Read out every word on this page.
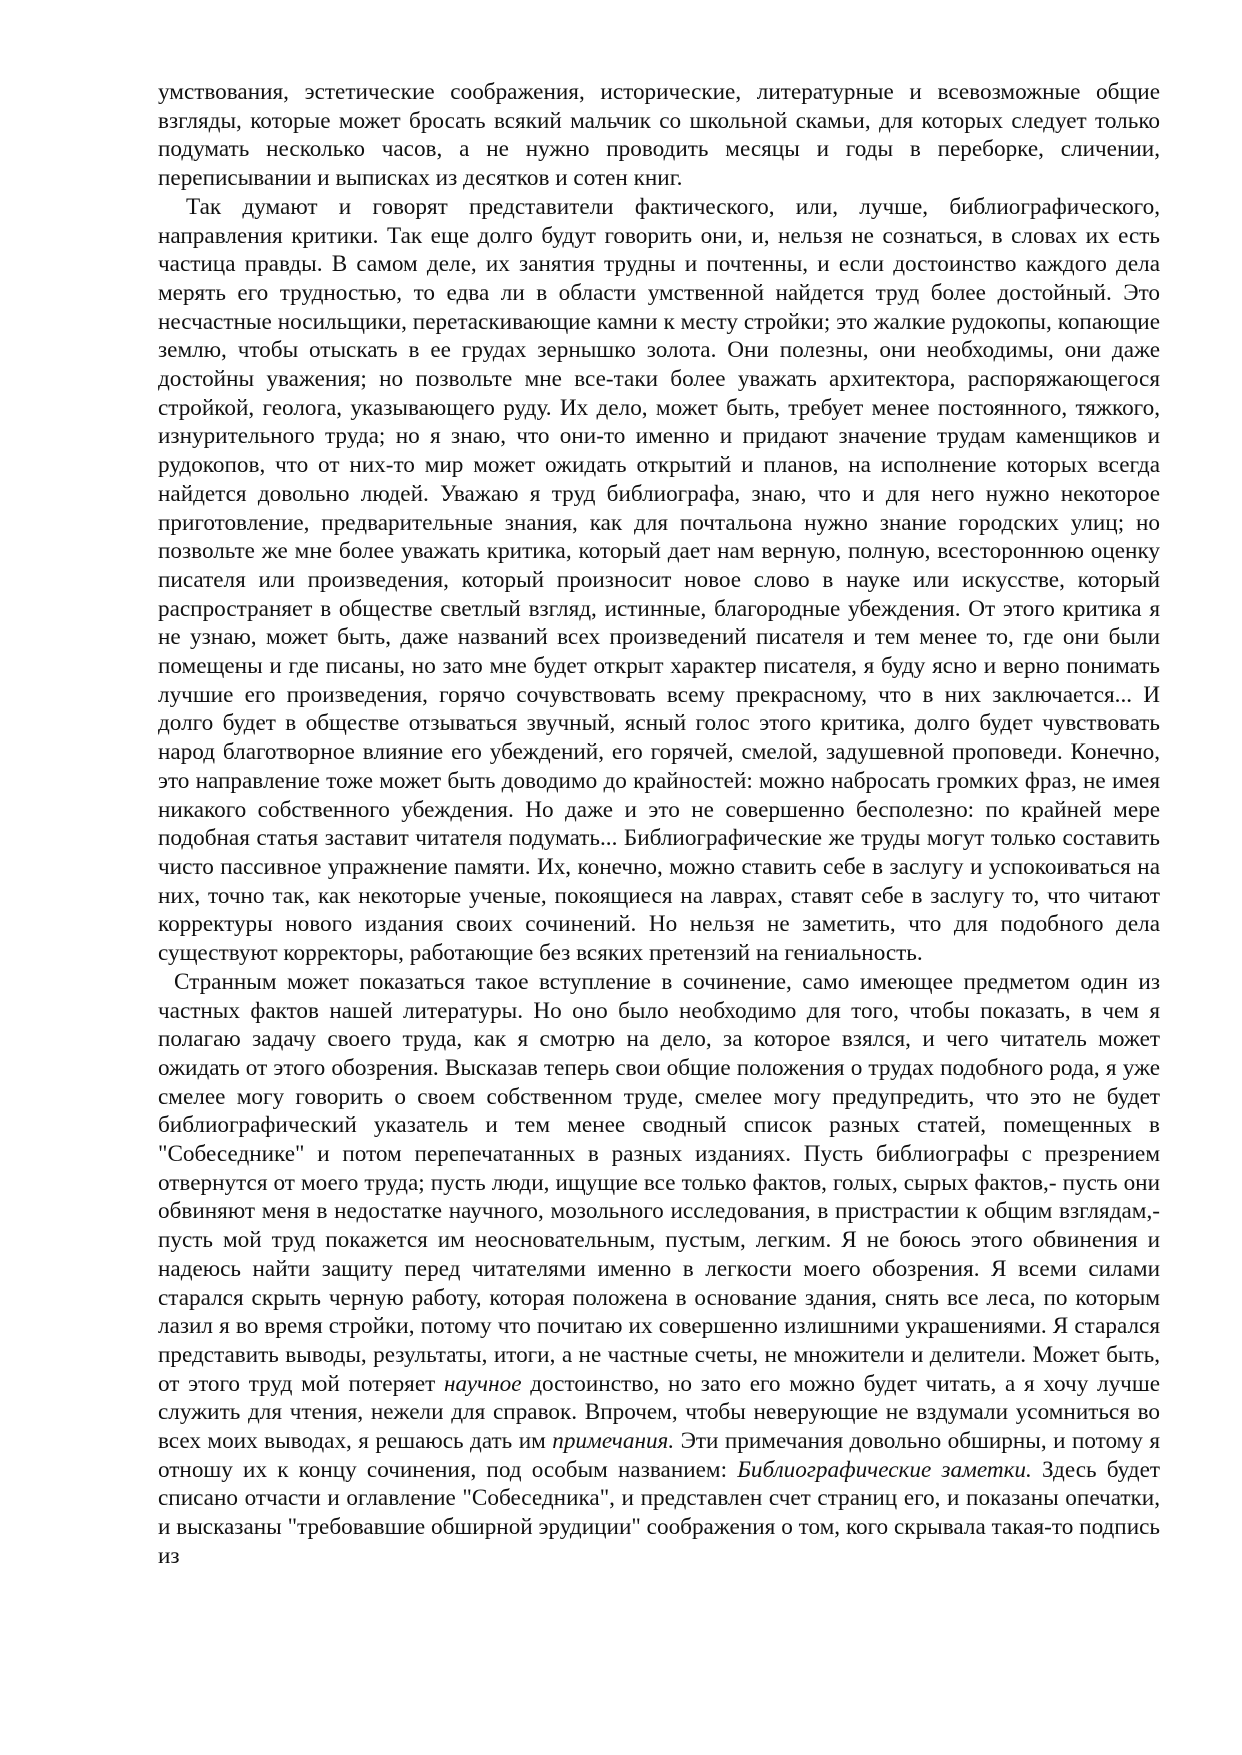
умствования, эстетические соображения, исторические, литературные и всевозможные общие взгляды, которые может бросать всякий мальчик со школьной скамьи, для которых следует только подумать несколько часов, а не нужно проводить месяцы и годы в переборке, сличении, переписывании и выписках из десятков и сотен книг.

Так думают и говорят представители фактического, или, лучше, библиографического, направления критики. Так еще долго будут говорить они, и, нельзя не сознаться, в словах их есть частица правды. В самом деле, их занятия трудны и почтенны, и если достоинство каждого дела мерять его трудностью, то едва ли в области умственной найдется труд более достойный. Это несчастные носильщики, перетаскивающие камни к месту стройки; это жалкие рудокопы, копающие землю, чтобы отыскать в ее грудах зернышко золота. Они полезны, они необходимы, они даже достойны уважения; но позвольте мне все-таки более уважать архитектора, распоряжающегося стройкой, геолога, указывающего руду. Их дело, может быть, требует менее постоянного, тяжкого, изнурительного труда; но я знаю, что они-то именно и придают значение трудам каменщиков и рудокопов, что от них-то мир может ожидать открытий и планов, на исполнение которых всегда найдется довольно людей. Уважаю я труд библиографа, знаю, что и для него нужно некоторое приготовление, предварительные знания, как для почтальона нужно знание городских улиц; но позвольте же мне более уважать критика, который дает нам верную, полную, всестороннюю оценку писателя или произведения, который произносит новое слово в науке или искусстве, который распространяет в обществе светлый взгляд, истинные, благородные убеждения. От этого критика я не узнаю, может быть, даже названий всех произведений писателя и тем менее то, где они были помещены и где писаны, но зато мне будет открыт характер писателя, я буду ясно и верно понимать лучшие его произведения, горячо сочувствовать всему прекрасному, что в них заключается... И долго будет в обществе отзываться звучный, ясный голос этого критика, долго будет чувствовать народ благотворное влияние его убеждений, его горячей, смелой, задушевной проповеди. Конечно, это направление тоже может быть доводимо до крайностей: можно набросать громких фраз, не имея никакого собственного убеждения. Но даже и это не совершенно бесполезно: по крайней мере подобная статья заставит читателя подумать... Библиографические же труды могут только составить чисто пассивное упражнение памяти. Их, конечно, можно ставить себе в заслугу и успокоиваться на них, точно так, как некоторые ученые, покоящиеся на лаврах, ставят себе в заслугу то, что читают корректуры нового издания своих сочинений. Но нельзя не заметить, что для подобного дела существуют корректоры, работающие без всяких претензий на гениальность.

Странным может показаться такое вступление в сочинение, само имеющее предметом один из частных фактов нашей литературы. Но оно было необходимо для того, чтобы показать, в чем я полагаю задачу своего труда, как я смотрю на дело, за которое взялся, и чего читатель может ожидать от этого обозрения. Высказав теперь свои общие положения о трудах подобного рода, я уже смелее могу говорить о своем собственном труде, смелее могу предупредить, что это не будет библиографический указатель и тем менее сводный список разных статей, помещенных в "Собеседнике" и потом перепечатанных в разных изданиях. Пусть библиографы с презрением отвернутся от моего труда; пусть люди, ищущие все только фактов, голых, сырых фактов,- пусть они обвиняют меня в недостатке научного, мозольного исследования, в пристрастии к общим взглядам,- пусть мой труд покажется им неосновательным, пустым, легким. Я не боюсь этого обвинения и надеюсь найти защиту перед читателями именно в легкости моего обозрения. Я всеми силами старался скрыть черную работу, которая положена в основание здания, снять все леса, по которым лазил я во время стройки, потому что почитаю их совершенно излишними украшениями. Я старался представить выводы, результаты, итоги, а не частные счеты, не множители и делители. Может быть, от этого труд мой потеряет научное достоинство, но зато его можно будет читать, а я хочу лучше служить для чтения, нежели для справок. Впрочем, чтобы неверующие не вздумали усомниться во всех моих выводах, я решаюсь дать им примечания. Эти примечания довольно обширны, и потому я отношу их к концу сочинения, под особым названием: Библиографические заметки. Здесь будет списано отчасти и оглавление "Собеседника", и представлен счет страниц его, и показаны опечатки, и высказаны "требовавшие обширной эрудиции" соображения о том, кого скрывала такая-то подпись из
